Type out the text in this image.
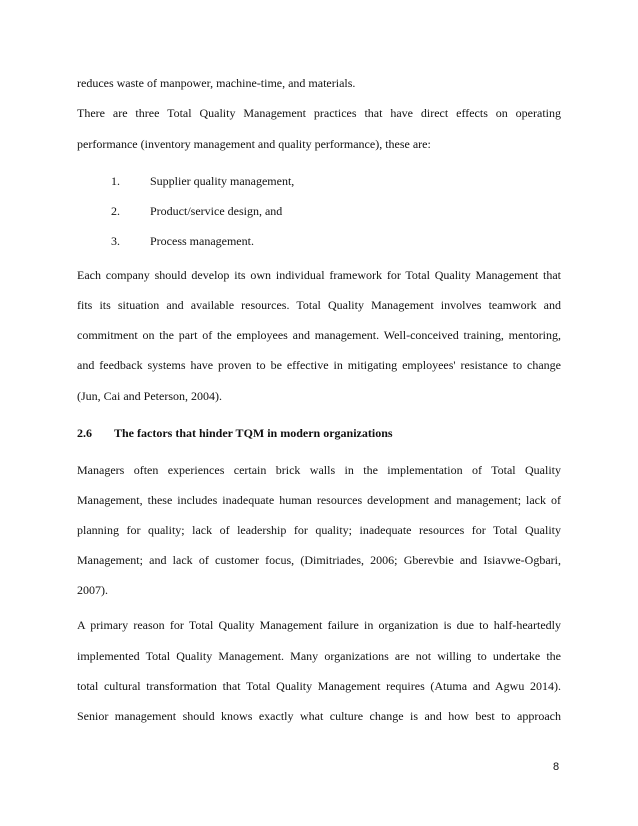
reduces waste of manpower, machine-time, and materials.
There are three Total Quality Management practices that have direct effects on operating
performance (inventory management and quality performance), these are:
1.	Supplier quality management,
2.	Product/service design, and
3.	Process management.
Each company should develop its own individual framework for Total Quality Management that
fits its situation and available resources. Total Quality Management involves teamwork and
commitment on the part of the employees and management. Well-conceived training, mentoring,
and feedback systems have proven to be effective in mitigating employees' resistance to change
(Jun, Cai and Peterson, 2004).
2.6 The factors that hinder TQM in modern organizations
Managers often experiences certain brick walls in the implementation of Total Quality
Management, these includes inadequate human resources development and management; lack of
planning for quality; lack of leadership for quality; inadequate resources for Total Quality
Management; and lack of customer focus, (Dimitriades, 2006; Gberevbie and Isiavwe-Ogbari,
2007).
A primary reason for Total Quality Management failure in organization is due to half-heartedly
implemented Total Quality Management. Many organizations are not willing to undertake the
total cultural transformation that Total Quality Management requires (Atuma and Agwu 2014).
Senior management should knows exactly what culture change is and how best to approach
8
